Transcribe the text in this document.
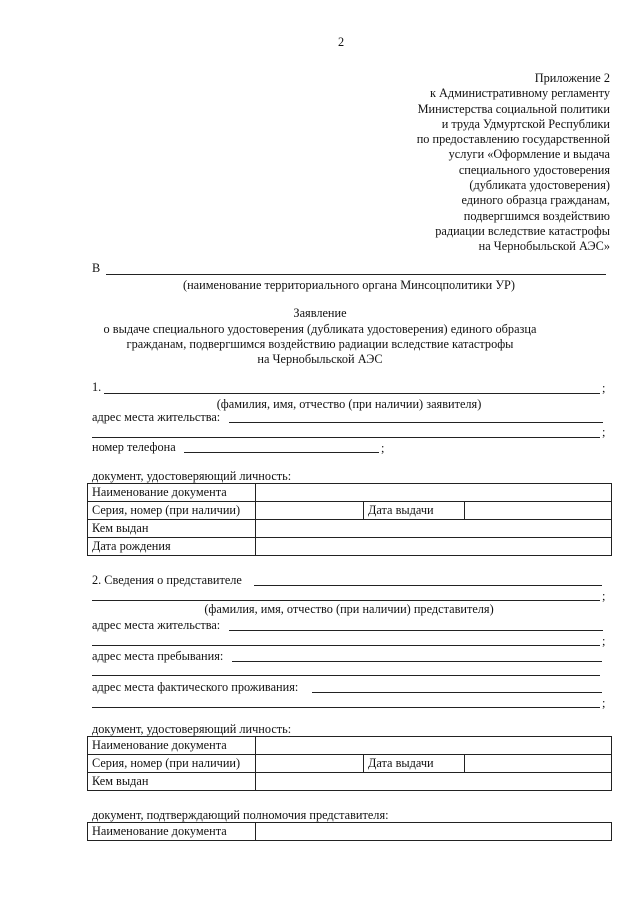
2
Приложение 2
к Административному регламенту
Министерства социальной политики
и труда Удмуртской Республики
по предоставлению государственной
услуги «Оформление и выдача
специального удостоверения
(дубликата удостоверения)
единого образца гражданам,
подвергшимся воздействию
радиации вследствие катастрофы
на Чернобыльской АЭС»
В
(наименование территориального органа Минсоцполитики УР)
Заявление
о выдаче специального удостоверения (дубликата удостоверения) единого образца
гражданам, подвергшимся воздействию радиации вследствие катастрофы
на Чернобыльской АЭС
1.	;
(фамилия, имя, отчество (при наличии) заявителя)
адрес места жительства:
;
номер телефона	;
документ, удостоверяющий личность:
Наименование документа			
Серия, номер (при наличии)		Дата выдачи	
Кем выдан			
Дата рождения			
2. Сведения о представителе
;
(фамилия, имя, отчество (при наличии) представителя)
адрес места жительства:
;
адрес места пребывания:
адрес места фактического проживания:
;
документ, удостоверяющий личность:
Наименование документа			
Серия, номер (при наличии)		Дата выдачи	
Кем выдан			
документ, подтверждающий полномочия представителя:
Наименование документа	
